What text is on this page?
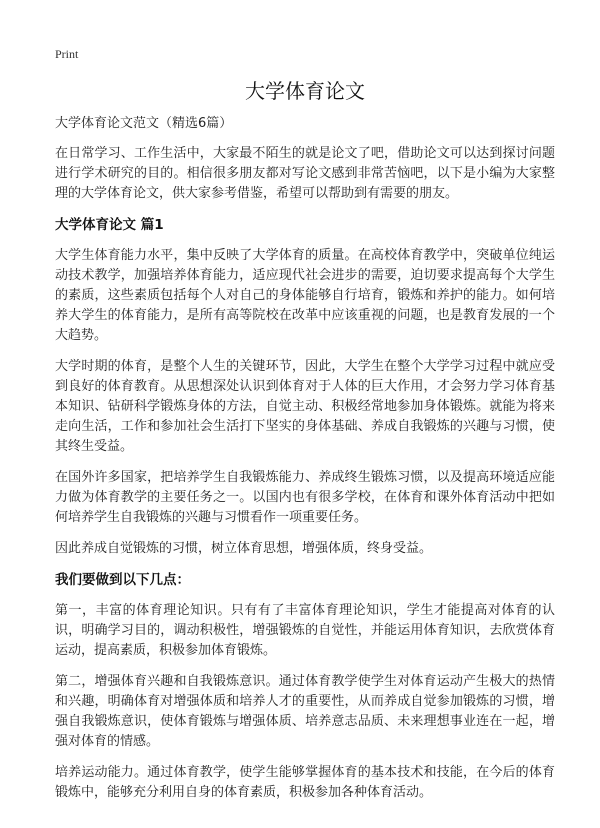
Print
大学体育论文
大学体育论文范文（精选6篇）

在日常学习、工作生活中，大家最不陌生的就是论文了吧，借助论文可以达到探讨问题进行学术研究的目的。相信很多朋友都对写论文感到非常苦恼吧，以下是小编为大家整理的大学体育论文，供大家参考借鉴，希望可以帮助到有需要的朋友。

大学体育论文 篇1

大学生体育能力水平，集中反映了大学体育的质量。在高校体育教学中，突破单位纯运动技术教学，加强培养体育能力，适应现代社会进步的需要，迫切要求提高每个大学生的素质，这些素质包括每个人对自己的身体能够自行培育，锻炼和养护的能力。如何培养大学生的体育能力，是所有高等院校在改革中应该重视的问题，也是教育发展的一个大趋势。

大学时期的体育，是整个人生的关键环节，因此，大学生在整个大学学习过程中就应受到良好的体育教育。从思想深处认识到体育对于人体的巨大作用，才会努力学习体育基本知识、钻研科学锻炼身体的方法，自觉主动、积极经常地参加身体锻炼。就能为将来走向生活，工作和参加社会生活打下坚实的身体基础、养成自我锻炼的兴趣与习惯，使其终生受益。

在国外许多国家，把培养学生自我锻炼能力、养成终生锻炼习惯，以及提高环境适应能力做为体育教学的主要任务之一。以国内也有很多学校，在体育和课外体育活动中把如何培养学生自我锻炼的兴趣与习惯看作一项重要任务。

因此养成自觉锻炼的习惯，树立体育思想，增强体质，终身受益。

我们要做到以下几点：

第一，丰富的体育理论知识。只有有了丰富体育理论知识，学生才能提高对体育的认识，明确学习目的，调动积极性，增强锻炼的自觉性，并能运用体育知识，去欣赏体育运动，提高素质，积极参加体育锻炼。

第二，增强体育兴趣和自我锻炼意识。通过体育教学使学生对体育运动产生极大的热情和兴趣，明确体育对增强体质和培养人才的重要性，从而养成自觉参加锻炼的习惯，增强自我锻炼意识，使体育锻炼与增强体质、培养意志品质、未来理想事业连在一起，增强对体育的情感。

培养运动能力。通过体育教学，使学生能够掌握体育的基本技术和技能，在今后的体育锻炼中，能够充分利用自身的体育素质，积极参加各种体育活动。
